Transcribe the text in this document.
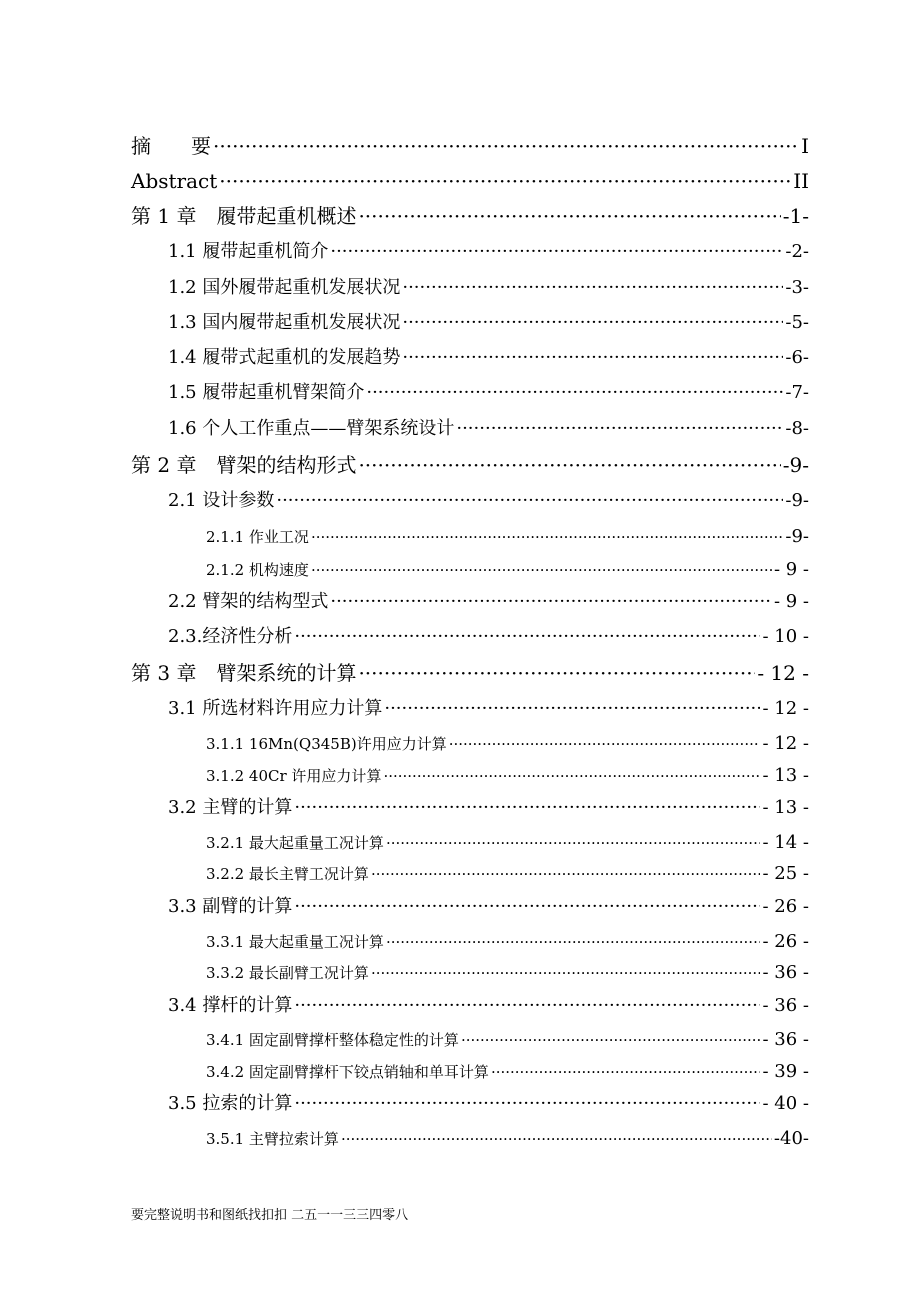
摘　　要 ·····	I
Abstract ·····	II
第 1 章　履带起重机概述 ·····	-1-
1.1 履带起重机简介 ·····	-2-
1.2 国外履带起重机发展状况 ·····	-3-
1.3 国内履带起重机发展状况 ·····	-5-
1.4 履带式起重机的发展趋势 ·····	-6-
1.5 履带起重机臂架简介 ·····	-7-
1.6 个人工作重点——臂架系统设计 ·····	-8-
第 2 章　臂架的结构形式 ·····	-9-
2.1 设计参数 ·····	-9-
2.1.1 作业工况 ·····	-9-
2.1.2 机构速度 ·····	- 9 -
2.2 臂架的结构型式 ·····	- 9 -
2.3.经济性分析 ·····	- 10 -
第 3 章　臂架系统的计算 ·····	- 12 -
3.1 所选材料许用应力计算 ·····	- 12 -
3.1.1 16Mn(Q345B)许用应力计算 ·····	- 12 -
3.1.2 40Cr 许用应力计算 ·····	- 13 -
3.2 主臂的计算 ·····	- 13 -
3.2.1 最大起重量工况计算 ·····	- 14 -
3.2.2 最长主臂工况计算 ·····	- 25 -
3.3 副臂的计算 ·····	- 26 -
3.3.1 最大起重量工况计算 ·····	- 26 -
3.3.2 最长副臂工况计算 ·····	- 36 -
3.4 撑杆的计算 ·····	- 36 -
3.4.1 固定副臂撑杆整体稳定性的计算 ·····	- 36 -
3.4.2 固定副臂撑杆下铰点销轴和单耳计算 ·····	- 39 -
3.5 拉索的计算 ·····	- 40 -
3.5.1 主臂拉索计算 ·····	-40-
要完整说明书和图纸找扣扣 二五一一三三四零八
